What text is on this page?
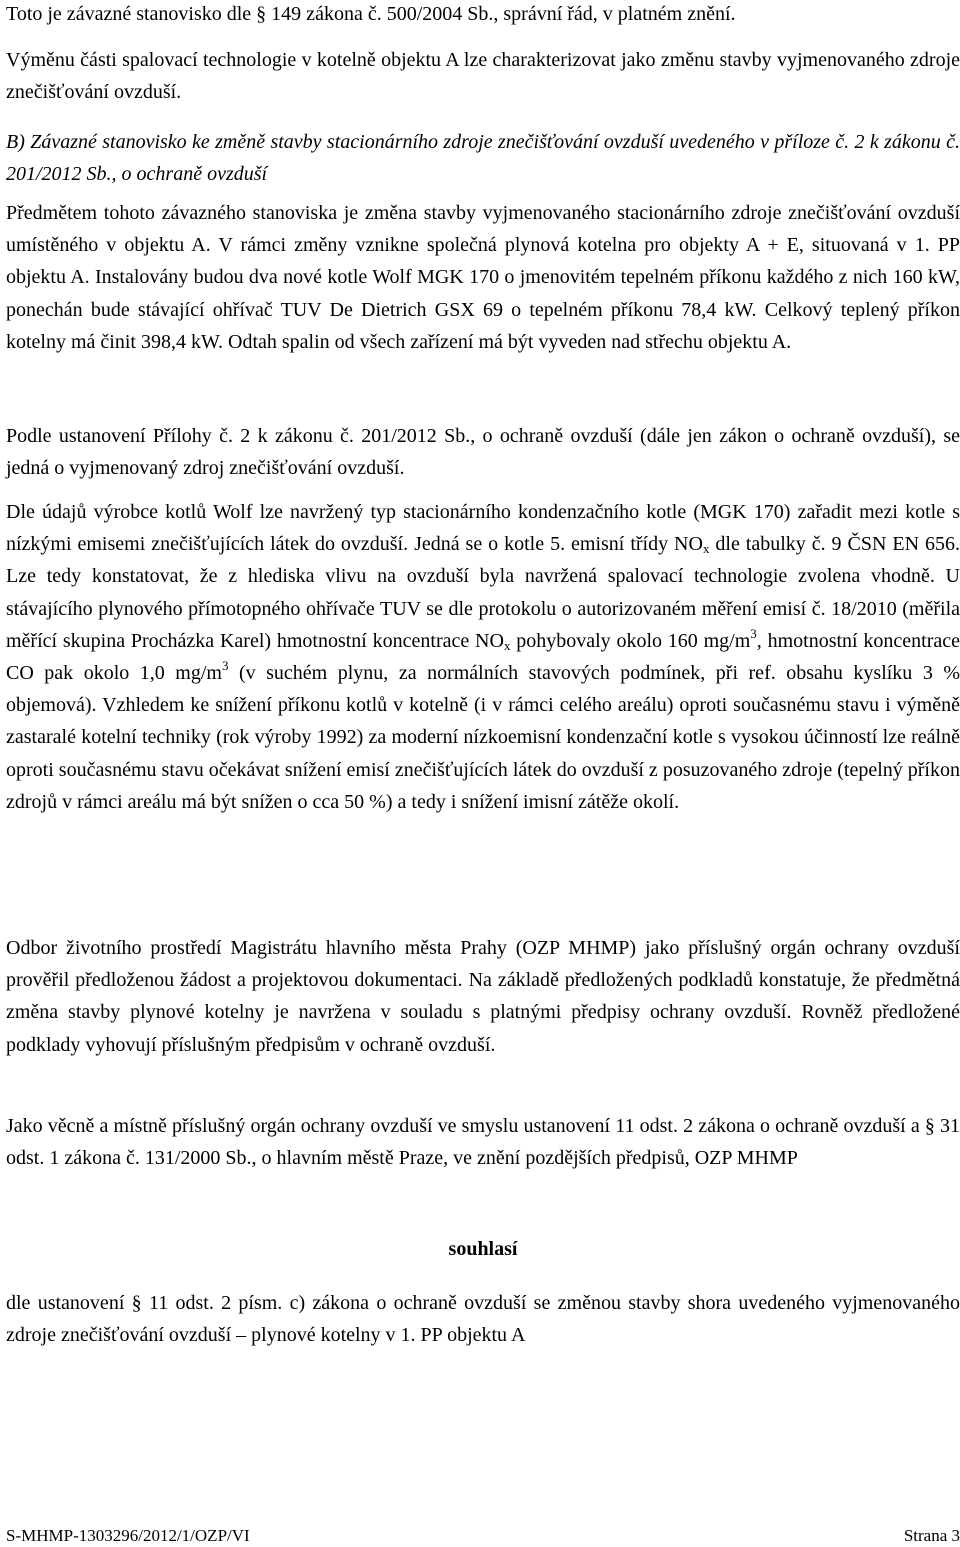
Toto je závazné stanovisko dle § 149 zákona č. 500/2004 Sb., správní řád, v platném znění.

Výměnu části spalovací technologie v kotelně objektu A lze charakterizovat jako změnu stavby vyjmenovaného zdroje znečišťování ovzduší.

B) Závazné stanovisko ke změně stavby stacionárního zdroje znečišťování ovzduší uvedeného v příloze č. 2 k zákonu č. 201/2012 Sb., o ochraně ovzduší

Předmětem tohoto závazného stanoviska je změna stavby vyjmenovaného stacionárního zdroje znečišťování ovzduší umístěného v objektu A. V rámci změny vznikne společná plynová kotelna pro objekty A + E, situovaná v 1. PP objektu A. Instalovány budou dva nové kotle Wolf MGK 170 o jmenovitém tepelném příkonu každého z nich 160 kW, ponechán bude stávající ohřívač TUV De Dietrich GSX 69 o tepelném příkonu 78,4 kW. Celkový teplený příkon kotelny má činit 398,4 kW. Odtah spalin od všech zařízení má být vyveden nad střechu objektu A.

Podle ustanovení Přílohy č. 2 k zákonu č. 201/2012 Sb., o ochraně ovzduší (dále jen zákon o ochraně ovzduší), se jedná o vyjmenovaný zdroj znečišťování ovzduší.

Dle údajů výrobce kotlů Wolf lze navržený typ stacionárního kondenzačního kotle (MGK 170) zařadit mezi kotle s nízkými emisemi znečišťujících látek do ovzduší. Jedná se o kotle 5. emisní třídy $NO_x$ dle tabulky č. 9 ČSN EN 656. Lze tedy konstatovat, že z hlediska vlivu na ovzduší byla navržená spalovací technologie zvolena vhodně. U stávajícího plynového přímotopného ohřívače TUV se dle protokolu o autorizovaném měření emisí č. 18/2010 (měřila měřící skupina Procházka Karel) hmotnostní koncentrace $NO_x$ pohybovaly okolo 160 $mg/m^3$, hmotnostní koncentrace CO pak okolo 1,0 $mg/m^3$ (v suchém plynu, za normálních stavových podmínek, při ref. obsahu kyslíku 3 % objemová). Vzhledem ke snížení příkonu kotlů v kotelně (i v rámci celého areálu) oproti současnému stavu i výměně zastaralé kotelní techniky (rok výroby 1992) za moderní nízkoemisní kondenzační kotle s vysokou účinností lze reálně oproti současnému stavu očekávat snížení emisí znečišťujících látek do ovzduší z posuzovaného zdroje (tepelný příkon zdrojů v rámci areálu má být snížen o cca 50 %) a tedy i snížení imisní zátěže okolí.

Odbor životního prostředí Magistrátu hlavního města Prahy (OZP MHMP) jako příslušný orgán ochrany ovzduší prověřil předloženou žádost a projektovou dokumentaci. Na základě předložených podkladů konstatuje, že předmětná změna stavby plynové kotelny je navržena v souladu s platnými předpisy ochrany ovzduší. Rovněž předložené podklady vyhovují příslušným předpisům v ochraně ovzduší.

Jako věcně a místně příslušný orgán ochrany ovzduší ve smyslu ustanovení 11 odst. 2 zákona o ochraně ovzduší a § 31 odst. 1 zákona č. 131/2000 Sb., o hlavním městě Praze, ve znění pozdějších předpisů, OZP MHMP

souhlasí

dle ustanovení § 11 odst. 2 písm. c) zákona o ochraně ovzduší se změnou stavby shora uvedeného vyjmenovaného zdroje znečišťování ovzduší – plynové kotelny v 1. PP objektu A

S-MHMP-1303296/2012/1/OZP/VI	Strana 3
